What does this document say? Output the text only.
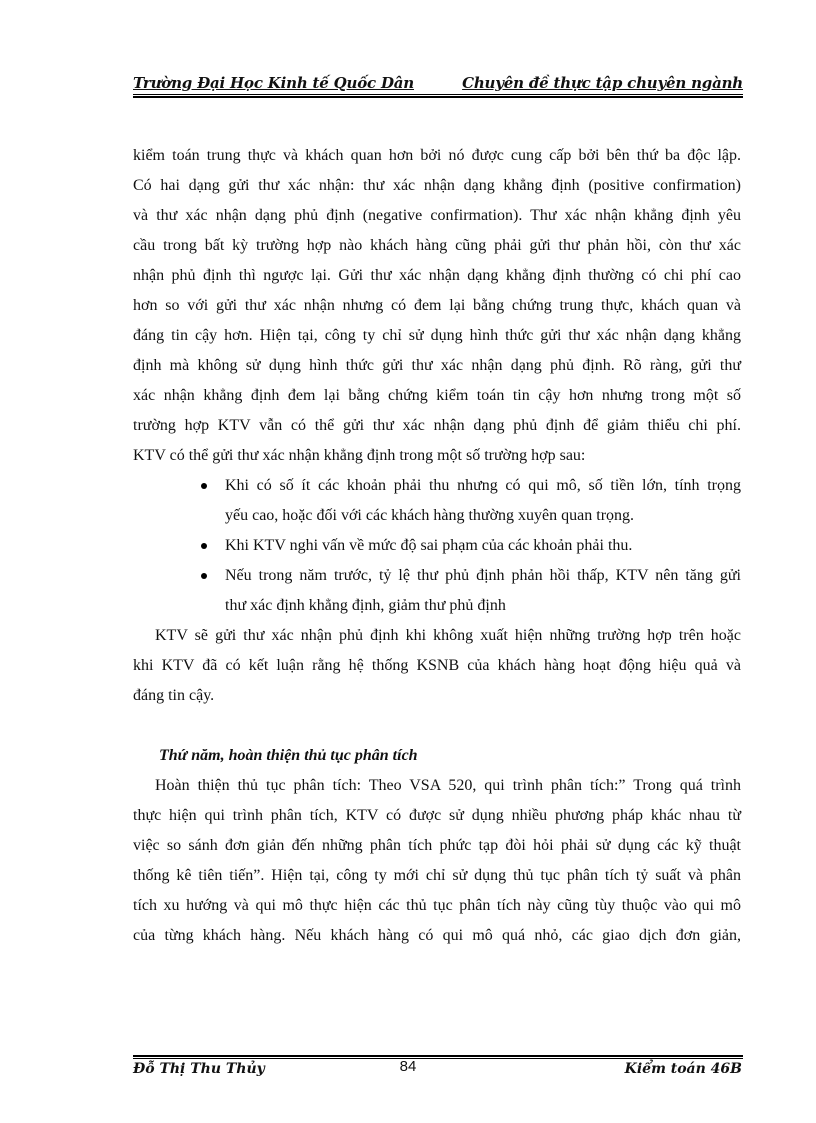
Trường Đại Học Kinh tế Quốc Dân	Chuyên đề thực tập chuyên ngành

kiểm toán trung thực và khách quan hơn bởi nó được cung cấp bởi bên thứ ba độc lập.

Có hai dạng gửi thư xác nhận: thư xác nhận dạng khẳng định (positive confirmation)

và thư xác nhận dạng phủ định (negative confirmation). Thư xác nhận khẳng định yêu

cầu trong bất kỳ trường hợp nào khách hàng cũng phải gửi thư phản hồi, còn thư xác

nhận phủ định thì ngược lại. Gửi thư xác nhận dạng khẳng định thường có chi phí cao

hơn so với gửi thư xác nhận nhưng có đem lại bằng chứng trung thực, khách quan và

đáng tin cậy hơn. Hiện tại, công ty chỉ sử dụng hình thức gửi thư xác nhận dạng khẳng

định mà không sử dụng hình thức gửi thư xác nhận dạng phủ định. Rõ ràng, gửi thư

xác nhận khẳng định đem lại bằng chứng kiểm toán tin cậy hơn nhưng trong một số

trường hợp KTV vẫn có thể gửi thư xác nhận dạng phủ định để giảm thiểu chi phí.

KTV có thể gửi thư xác nhận khẳng định trong một số trường hợp sau:

Khi có số ít các khoản phải thu nhưng có qui mô, số tiền lớn, tính trọng
yếu cao, hoặc đối với các khách hàng thường xuyên quan trọng.
Khi KTV nghi vấn về mức độ sai phạm của các khoản phải thu.
Nếu trong năm trước, tỷ lệ thư phủ định phản hồi thấp, KTV nên tăng gửi
thư xác định khẳng định, giảm thư phủ định

KTV sẽ gửi thư xác nhận phủ định khi không xuất hiện những trường hợp trên hoặc

khi KTV đã có kết luận rằng hệ thống KSNB của khách hàng hoạt động hiệu quả và

đáng tin cậy.

Thứ năm, hoàn thiện thủ tục phân tích

Hoàn thiện thủ tục phân tích: Theo VSA 520, qui trình phân tích:” Trong quá trình

thực hiện qui trình phân tích, KTV có được sử dụng nhiều phương pháp khác nhau từ

việc so sánh đơn giản đến những phân tích phức tạp đòi hỏi phải sử dụng các kỹ thuật

thống kê tiên tiến”. Hiện tại, công ty mới chỉ sử dụng thủ tục phân tích tỷ suất và phân

tích xu hướng và qui mô thực hiện các thủ tục phân tích này cũng tùy thuộc vào qui mô

của từng khách hàng. Nếu khách hàng có qui mô quá nhỏ, các giao dịch đơn giản,

Đỗ Thị Thu Thủy	84	Kiểm toán 46B
